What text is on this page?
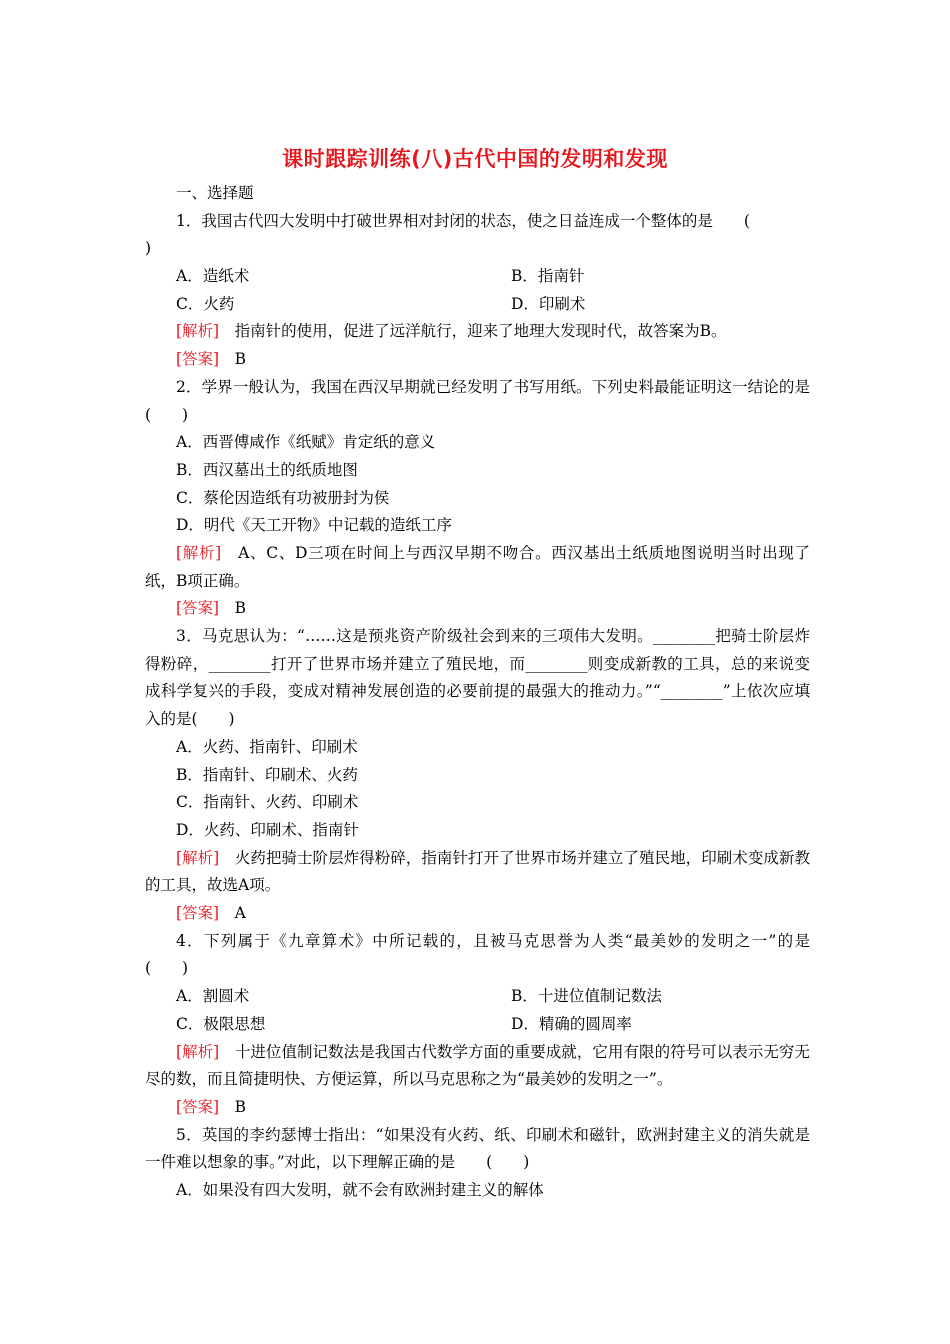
课时跟踪训练(八)古代中国的发明和发现
一、选择题
1．我国古代四大发明中打破世界相对封闭的状态，使之日益连成一个整体的是　　(
)
A．造纸术	B．指南针
C．火药	D．印刷术
[解析]　指南针的使用，促进了远洋航行，迎来了地理大发现时代，故答案为B。
[答案]　B
2．学界一般认为，我国在西汉早期就已经发明了书写用纸。下列史料最能证明这一结论的是　　(　　)
A．西晋傅咸作《纸赋》肯定纸的意义
B．西汉墓出土的纸质地图
C．蔡伦因造纸有功被册封为侯
D．明代《天工开物》中记载的造纸工序
[解析]　A、C、D三项在时间上与西汉早期不吻合。西汉基出土纸质地图说明当时出现了纸，B项正确。
[答案]　B
3．马克思认为：“……这是预兆资产阶级社会到来的三项伟大发明。________把骑士阶层炸得粉碎，________打开了世界市场并建立了殖民地，而________则变成新教的工具，总的来说变成科学复兴的手段，变成对精神发展创造的必要前提的最强大的推动力。”“________”上依次应填入的是(　　)
A．火药、指南针、印刷术
B．指南针、印刷术、火药
C．指南针、火药、印刷术
D．火药、印刷术、指南针
[解析]　火药把骑士阶层炸得粉碎，指南针打开了世界市场并建立了殖民地，印刷术变成新教的工具，故选A项。
[答案]　A
4．下列属于《九章算术》中所记载的，且被马克思誉为人类“最美妙的发明之一”的是　　(　　)
A．割圆术	B．十进位值制记数法
C．极限思想	D．精确的圆周率
[解析]　十进位值制记数法是我国古代数学方面的重要成就，它用有限的符号可以表示无穷无尽的数，而且简捷明快、方便运算，所以马克思称之为“最美妙的发明之一”。
[答案]　B
5．英国的李约瑟博士指出：“如果没有火药、纸、印刷术和磁针，欧洲封建主义的消失就是一件难以想象的事。”对此，以下理解正确的是　　(　　)
A．如果没有四大发明，就不会有欧洲封建主义的解体
